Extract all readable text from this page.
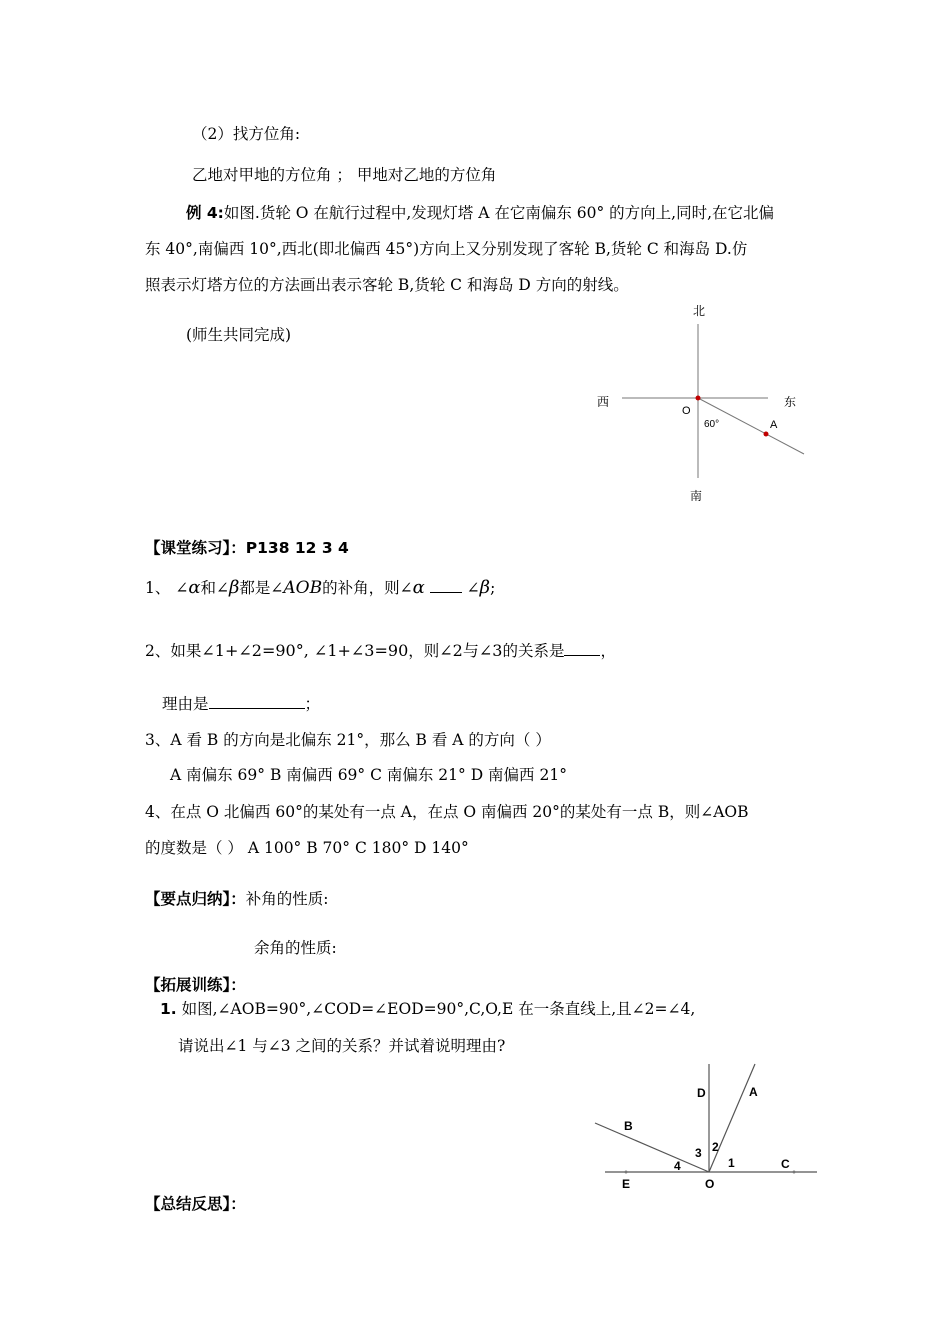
（2）找方位角:
乙地对甲地的方位角 ； 甲地对乙地的方位角
例 4:如图.货轮 O 在航行过程中,发现灯塔 A 在它南偏东 60° 的方向上,同时,在它北偏
东 40°,南偏西 10°,西北(即北偏西 45°)方向上又分别发现了客轮 B,货轮 C 和海岛 D.仿
照表示灯塔方位的方法画出表示客轮 B,货轮 C 和海岛 D 方向的射线。
(师生共同完成)
北
南
西	东
O
A
60°
【课堂练习】：P138 12 3 4
1、 ∠α和∠β都是∠AOB的补角，则∠α	∠β;
2、如果∠1+∠2=90°, ∠1+∠3=90，则∠2与∠3的关系是 ，
理由是	；
3、A 看 B 的方向是北偏东 21°，那么 B 看 A 的方向（ ）
A 南偏东 69° B 南偏西 69° C 南偏东 21° D 南偏西 21°
4、在点 O 北偏西 60°的某处有一点 A，在点 O 南偏西 20°的某处有一点 B，则∠AOB
的度数是（ ） A 100° B 70° C 180° D 140°
【要点归纳】：补角的性质:
余角的性质:
【拓展训练】：
1. 如图,∠AOB=90°,∠COD=∠EOD=90°,C,O,E 在一条直线上,且∠2=∠4,
请说出∠1 与∠3 之间的关系？并试着说明理由?
A
B
C
D
E	O
1
2
3
4
【总结反思】：
